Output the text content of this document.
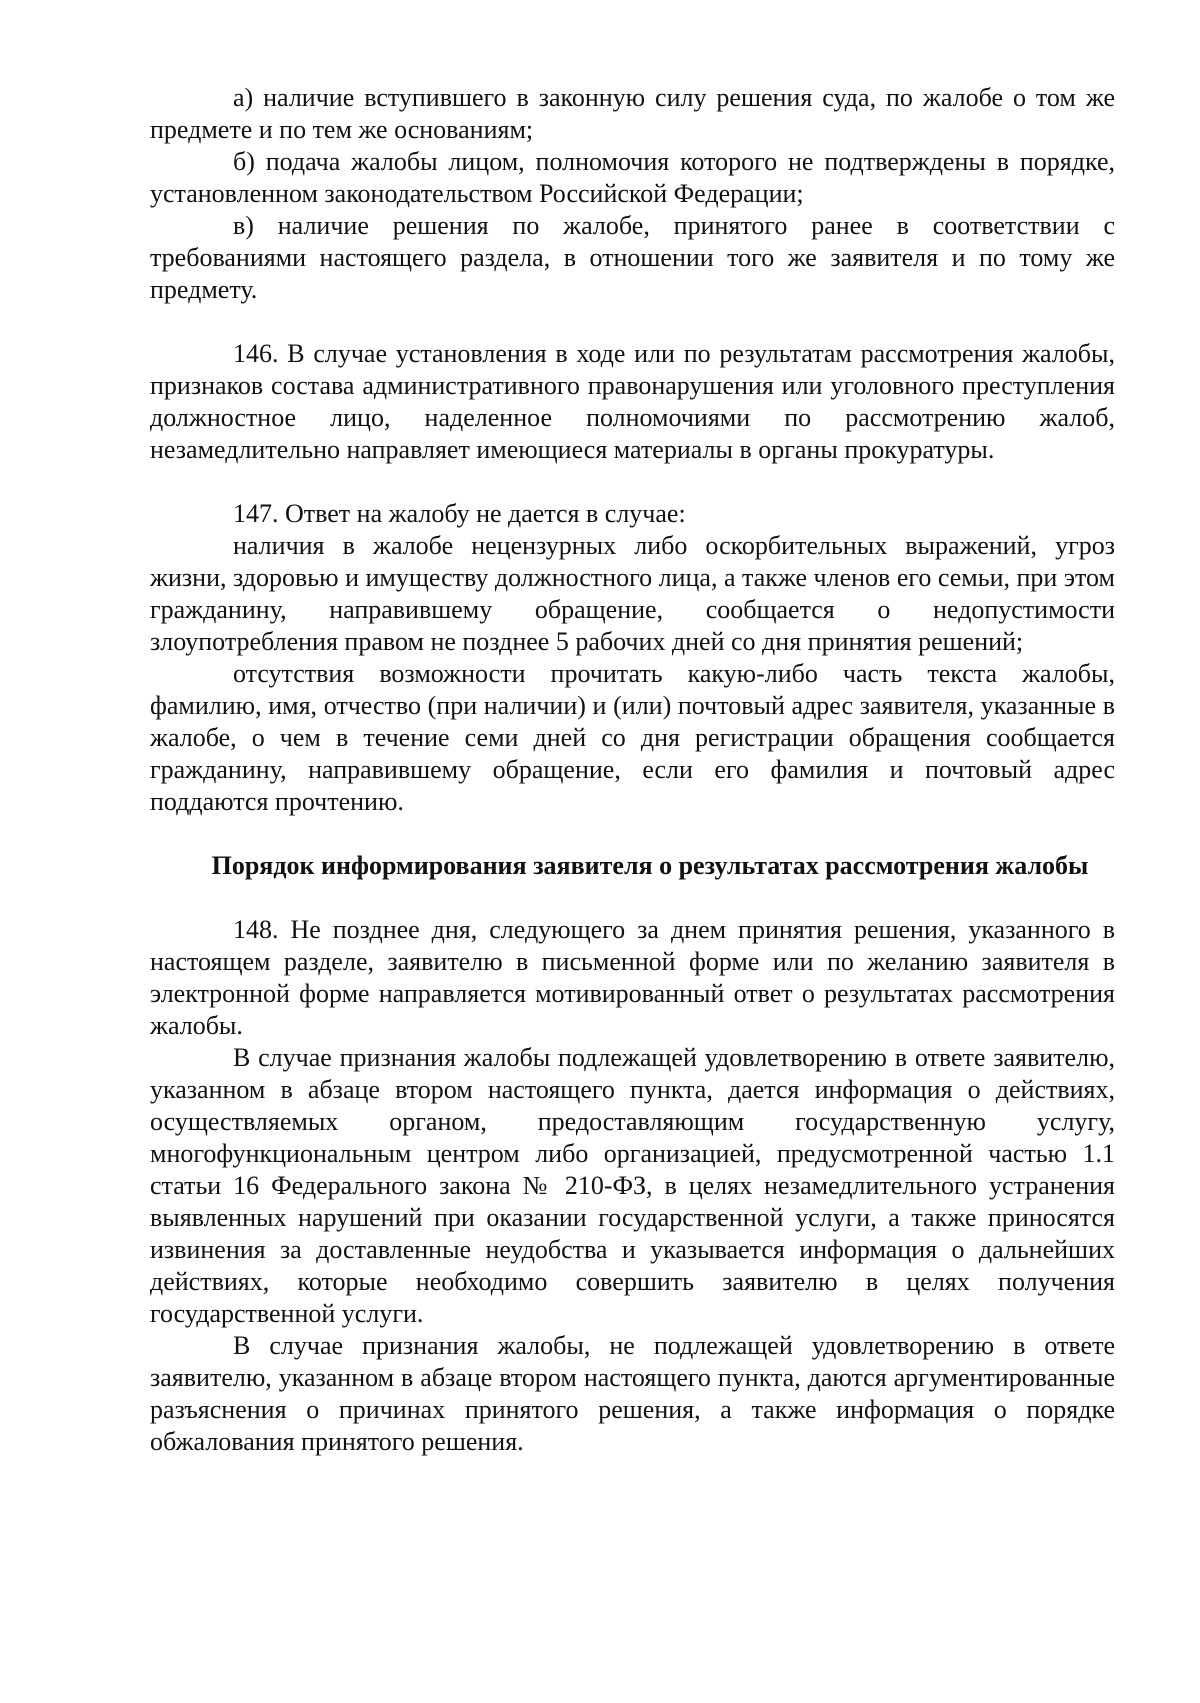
а) наличие вступившего в законную силу решения суда, по жалобе о том же предмете и по тем же основаниям;

б) подача жалобы лицом, полномочия которого не подтверждены в порядке, установленном законодательством Российской Федерации;

в) наличие решения по жалобе, принятого ранее в соответствии с требованиями настоящего раздела, в отношении того же заявителя и по тому же предмету.

146. В случае установления в ходе или по результатам рассмотрения жалобы, признаков состава административного правонарушения или уголовного преступления должностное лицо, наделенное полномочиями по рассмотрению жалоб, незамедлительно направляет имеющиеся материалы в органы прокуратуры.

147. Ответ на жалобу не дается в случае:

наличия в жалобе нецензурных либо оскорбительных выражений, угроз жизни, здоровью и имуществу должностного лица, а также членов его семьи, при этом гражданину, направившему обращение, сообщается о недопустимости злоупотребления правом не позднее 5 рабочих дней со дня принятия решений;

отсутствия возможности прочитать какую-либо часть текста жалобы, фамилию, имя, отчество (при наличии) и (или) почтовый адрес заявителя, указанные в жалобе, о чем в течение семи дней со дня регистрации обращения сообщается гражданину, направившему обращение, если его фамилия и почтовый адрес поддаются прочтению.

Порядок информирования заявителя о результатах рассмотрения жалобы

148. Не позднее дня, следующего за днем принятия решения, указанного в настоящем разделе, заявителю в письменной форме или по желанию заявителя в электронной форме направляется мотивированный ответ о результатах рассмотрения жалобы.

В случае признания жалобы подлежащей удовлетворению в ответе заявителю, указанном в абзаце втором настоящего пункта, дается информация о действиях, осуществляемых органом, предоставляющим государственную услугу, многофункциональным центром либо организацией, предусмотренной частью 1.1 статьи 16 Федерального закона № 210-ФЗ, в целях незамедлительного устранения выявленных нарушений при оказании государственной услуги, а также приносятся извинения за доставленные неудобства и указывается информация о дальнейших действиях, которые необходимо совершить заявителю в целях получения государственной услуги.

В случае признания жалобы, не подлежащей удовлетворению в ответе заявителю, указанном в абзаце втором настоящего пункта, даются аргументированные разъяснения о причинах принятого решения, а также информация о порядке обжалования принятого решения.
